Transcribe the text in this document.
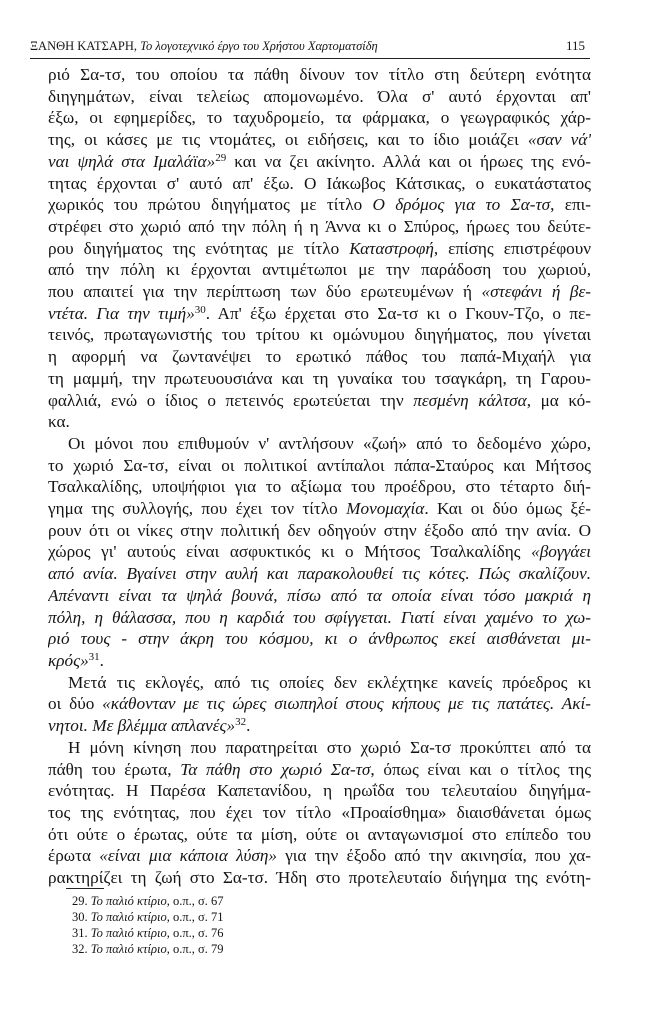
ΞΑΝΘΗ ΚΑΤΣΑΡΗ, Το λογοτεχνικό έργο του Χρήστου Χαρτοματσίδη	115
ριό Σα-τσ, του οποίου τα πάθη δίνουν τον τίτλο στη δεύτερη ενότητα
διηγημάτων, είναι τελείως απομονωμένο. Όλα σ' αυτό έρχονται απ'
έξω, οι εφημερίδες, το ταχυδρομείο, τα φάρμακα, ο γεωγραφικός χάρ-
της, οι κάσες με τις ντομάτες, οι ειδήσεις, και το ίδιο μοιάζει «σαν νά'
ναι ψηλά στα Ιμαλάϊα»$^{29}$ και να ζει ακίνητο. Αλλά και οι ήρωες της ενό-
τητας έρχονται σ' αυτό απ' έξω. Ο Ιάκωβος Κάτσικας, ο ευκατάστατος
χωρικός του πρώτου διηγήματος με τίτλο Ο δρόμος για το Σα-τσ, επι-
στρέφει στο χωριό από την πόλη ή η Άννα κι ο Σπύρος, ήρωες του δεύτε-
ρου διηγήματος της ενότητας με τίτλο Καταστροφή, επίσης επιστρέφουν
από την πόλη κι έρχονται αντιμέτωποι με την παράδοση του χωριού,
που απαιτεί για την περίπτωση των δύο ερωτευμένων ή «στεφάνι ή βε-
ντέτα. Για την τιμή»$^{30}$. Απ' έξω έρχεται στο Σα-τσ κι ο Γκουν-Τζο, ο πε-
τεινός, πρωταγωνιστής του τρίτου κι ομώνυμου διηγήματος, που γίνεται
η αφορμή να ζωντανέψει το ερωτικό πάθος του παπά-Μιχαήλ για
τη μαμμή, την πρωτευουσιάνα και τη γυναίκα του τσαγκάρη, τη Γαρου-
φαλλιά, ενώ ο ίδιος ο πετεινός ερωτεύεται την πεσμένη κάλτσα, μα κό-
κα.
Οι μόνοι που επιθυμούν ν' αντλήσουν «ζωή» από το δεδομένο χώρο,
το χωριό Σα-τσ, είναι οι πολιτικοί αντίπαλοι πάπα-Σταύρος και Μήτσος
Τσαλκαλίδης, υποψήφιοι για το αξίωμα του προέδρου, στο τέταρτο διή-
γημα της συλλογής, που έχει τον τίτλο Μονομαχία. Και οι δύο όμως ξέ-
ρουν ότι οι νίκες στην πολιτική δεν οδηγούν στην έξοδο από την ανία. Ο
χώρος γι' αυτούς είναι ασφυκτικός κι ο Μήτσος Τσαλκαλίδης «βογγάει
από ανία. Βγαίνει στην αυλή και παρακολουθεί τις κότες. Πώς σκαλίζουν.
Απέναντι είναι τα ψηλά βουνά, πίσω από τα οποία είναι τόσο μακριά η
πόλη, η θάλασσα, που η καρδιά του σφίγγεται. Γιατί είναι χαμένο το χω-
ριό τους - στην άκρη του κόσμου, κι ο άνθρωπος εκεί αισθάνεται μι-
κρός»$^{31}$.
Μετά τις εκλογές, από τις οποίες δεν εκλέχτηκε κανείς πρόεδρος κι
οι δύο «κάθονταν με τις ώρες σιωπηλοί στους κήπους με τις πατάτες. Ακί-
νητοι. Με βλέμμα απλανές»$^{32}$.
Η μόνη κίνηση που παρατηρείται στο χωριό Σα-τσ προκύπτει από τα
πάθη του έρωτα, Τα πάθη στο χωριό Σα-τσ, όπως είναι και ο τίτλος της
ενότητας. Η Παρέσα Καπετανίδου, η ηρωΐδα του τελευταίου διηγήμα-
τος της ενότητας, που έχει τον τίτλο «Προαίσθημα» διαισθάνεται όμως
ότι ούτε ο έρωτας, ούτε τα μίση, ούτε οι ανταγωνισμοί στο επίπεδο του
έρωτα «είναι μια κάποια λύση» για την έξοδο από την ακινησία, που χα-
ρακτηρίζει τη ζωή στο Σα-τσ. Ήδη στο προτελευταίο διήγημα της ενότη-
29. Το παλιό κτίριο, ο.π., σ. 67
30. Το παλιό κτίριο, ο.π., σ. 71
31. Το παλιό κτίριο, ο.π., σ. 76
32. Το παλιό κτίριο, ο.π., σ. 79
